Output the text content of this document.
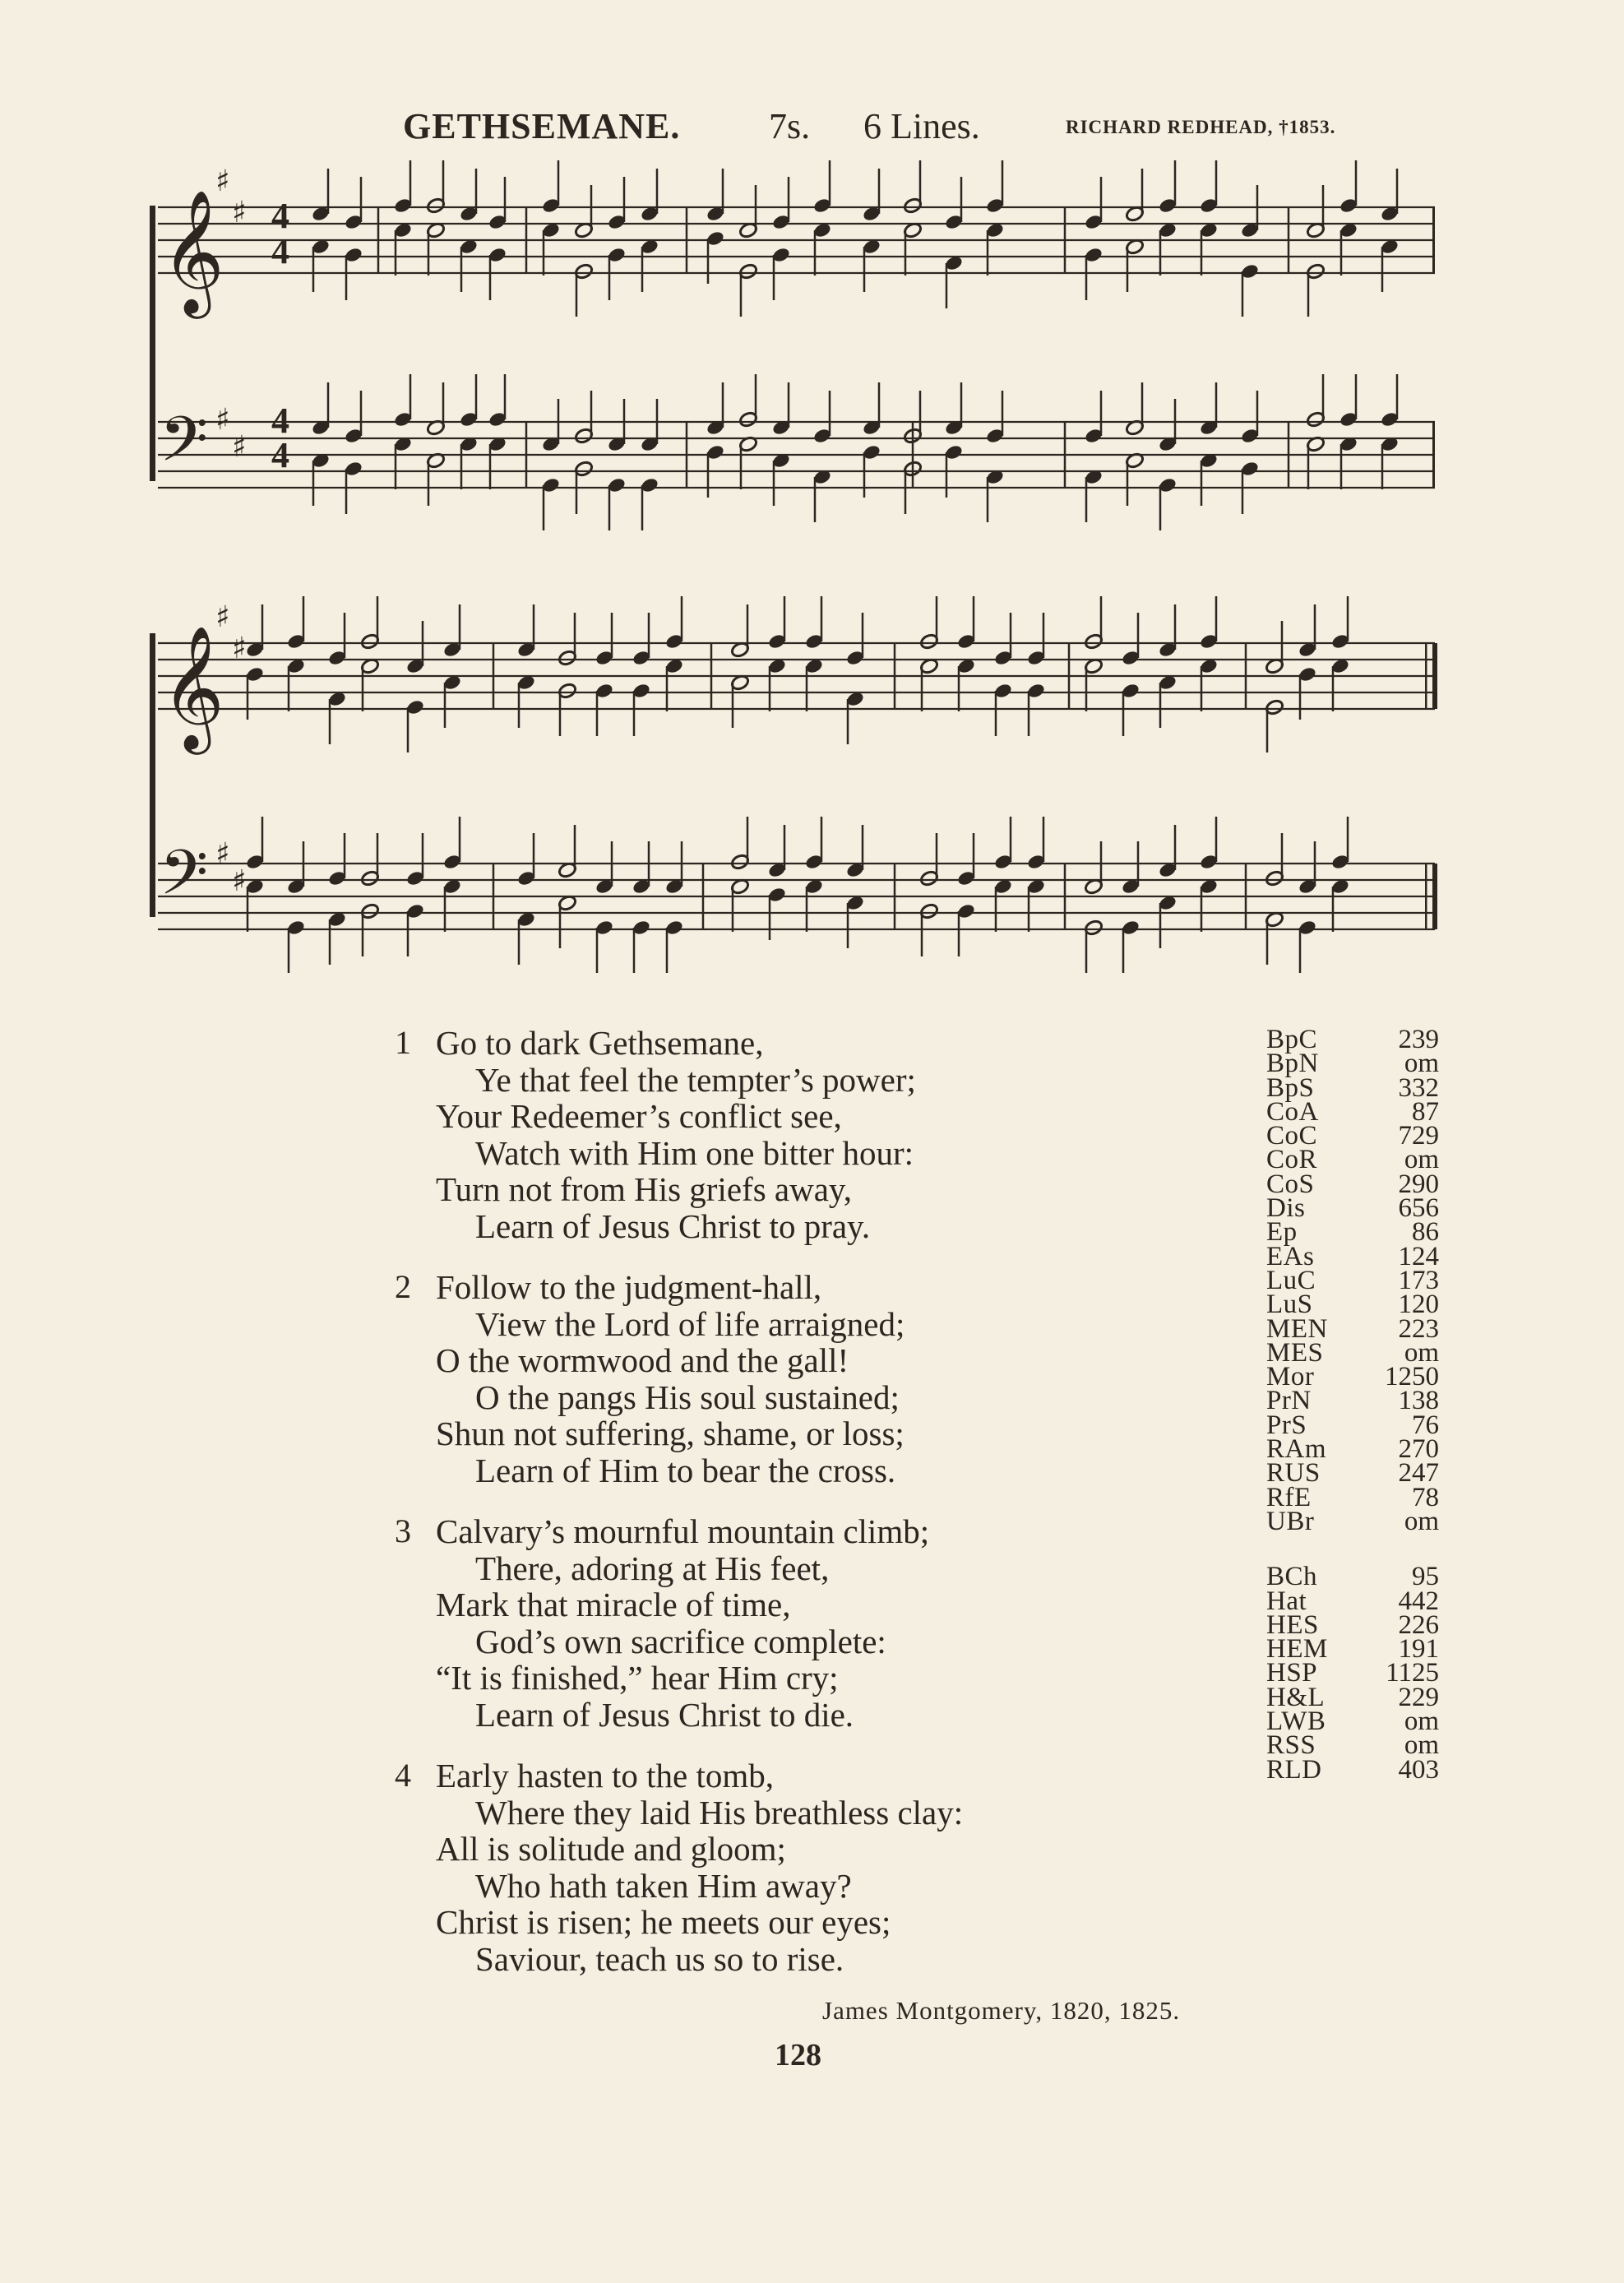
GETHSEMANE. 7s. 6 Lines.	RICHARD REDHEAD, †1853.
𝄞
𝄢
♯
♯
♯
♯
4
4
4
4
𝄞
𝄢
♯
♯
♯
♯
1 Go to dark Gethsemane,
Ye that feel the tempter’s power;
Your Redeemer’s conflict see,
Watch with Him one bitter hour:
Turn not from His griefs away,
Learn of Jesus Christ to pray.
2 Follow to the judgment-hall,
View the Lord of life arraigned;
O the wormwood and the gall!
O the pangs His soul sustained;
Shun not suffering, shame, or loss;
Learn of Him to bear the cross.
3 Calvary’s mournful mountain climb;
There, adoring at His feet,
Mark that miracle of time,
God’s own sacrifice complete:
“It is finished,” hear Him cry;
Learn of Jesus Christ to die.
4 Early hasten to the tomb,
Where they laid His breathless clay:
All is solitude and gloom;
Who hath taken Him away?
Christ is risen; he meets our eyes;
Saviour, teach us so to rise.
BpC	239
BpN	om
BpS	332
CoA	87
CoC	729
CoR	om
CoS	290
Dis	656
Ep	86
EAs	124
LuC	173
LuS	120
MEN	223
MES	om
Mor	1250
PrN	138
PrS	76
RAm	270
RUS	247
RfE	78
UBr	om
BCh	95
Hat	442
HES	226
HEM	191
HSP	1125
H&L	229
LWB	om
RSS	om
RLD	403
James Montgomery, 1820, 1825.
128
